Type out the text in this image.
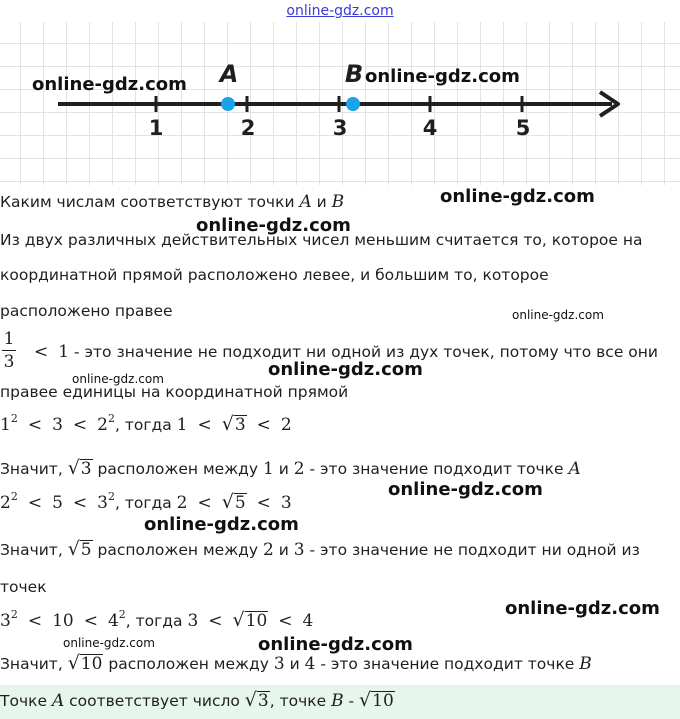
online-gdz.com
1	2	3	4	5
A	B
online-gdz.com	online-gdz.com
online-gdz.com
online-gdz.com
online-gdz.com
online-gdz.com
online-gdz.com
online-gdz.com
online-gdz.com
online-gdz.com
online-gdz.com	online-gdz.com
Каким числам соответствуют точки A и B
Из двух различных действительных чисел меньшим считается то, которое на
координатной прямой расположено левее, и большим то, которое
расположено правее
$\frac{1}{3}$	< 1 - это значение не подходит ни одной из дух точек, потому что все они
правее единицы на координатной прямой
$1^2 < 3 < 2^2$, тогда 1 < √ 3 < 2
Значит, √ 3 расположен между 1 и 2 - это значение подходит точке A
$2^2 < 5 < 3^2$, тогда 2 < √ 5 < 3
Значит, √ 5 расположен между 2 и 3 - это значение не подходит ни одной из
точек
$3^2 < 10 < 4^2$, тогда 3 < √ 10 < 4
Значит, √ 10 расположен между 3 и 4 - это значение подходит точке B
Точке A соответствует число √ 3 , точке B - √ 10
